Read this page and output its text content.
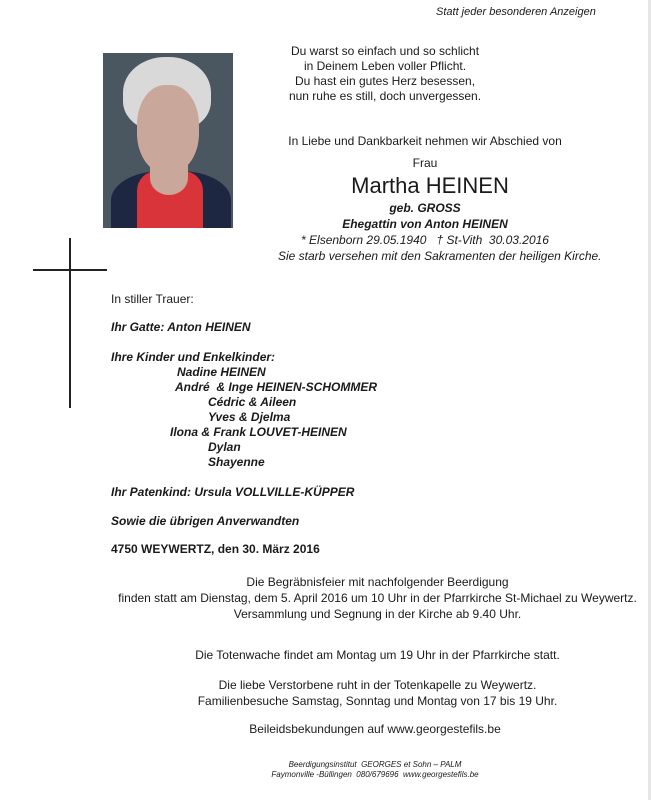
Statt jeder besonderen Anzeigen
Du warst so einfach und so schlicht
in Deinem Leben voller Pflicht.
Du hast ein gutes Herz besessen,
nun ruhe es still, doch unvergessen.
In Liebe und Dankbarkeit nehmen wir Abschied von
Frau
Martha HEINEN
geb. GROSS
Ehegattin von Anton HEINEN
* Elsenborn 29.05.1940   † St-Vith  30.03.2016
Sie starb versehen mit den Sakramenten der heiligen Kirche.
In stiller Trauer:
Ihr Gatte: Anton HEINEN
Ihre Kinder und Enkelkinder:
Nadine HEINEN
André  & Inge HEINEN-SCHOMMER
Cédric & Aileen
Yves & Djelma
Ilona & Frank LOUVET-HEINEN
Dylan
Shayenne
Ihr Patenkind: Ursula VOLLVILLE-KÜPPER
Sowie die übrigen Anverwandten
4750 WEYWERTZ, den 30. März 2016
Die Begräbnisfeier mit nachfolgender Beerdigung
finden statt am Dienstag, dem 5. April 2016 um 10 Uhr in der Pfarrkirche St-Michael zu Weywertz.
Versammlung und Segnung in der Kirche ab 9.40 Uhr.
Die Totenwache findet am Montag um 19 Uhr in der Pfarrkirche statt.
Die liebe Verstorbene ruht in der Totenkapelle zu Weywertz.
Familienbesuche Samstag, Sonntag und Montag von 17 bis 19 Uhr.
Beileidsbekundungen auf www.georgestefils.be
Beerdigungsinstitut  GEORGES et Sohn – PALM
Faymonville -Büllingen  080/679696  www.georgestefils.be
